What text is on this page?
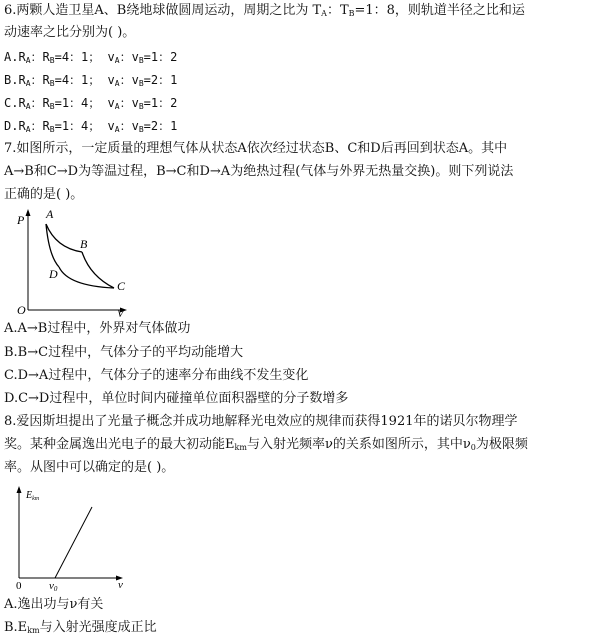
6.两颗人造卫星A、B绕地球做圆周运动，周期之比为 $T_A$：$T_B=1$：8，则轨道半径之比和运
动速率之比分别为( )。
$A.R_A$：$R_B=4$：1； $v_A$：$v_B=1$：2
$B.R_A$：$R_B=4$：1； $v_A$：$v_B=2$：1
$C.R_A$：$R_B=1$：4； $v_A$：$v_B=1$：2
$D.R_A$：$R_B=1$：4； $v_A$：$v_B=2$：1
7.如图所示，一定质量的理想气体从状态A依次经过状态B、C和D后再回到状态A。其中
A→B和C→D为等温过程，B→C和D→A为绝热过程(气体与外界无热量交换)。则下列说法
正确的是( )。
P A
B
D
C
O	V
A.A→B过程中，外界对气体做功
B.B→C过程中，气体分子的平均动能增大
C.D→A过程中，气体分子的速率分布曲线不发生变化
D.C→D过程中，单位时间内碰撞单位面积器壁的分子数增多
8.爱因斯坦提出了光量子概念并成功地解释光电效应的规律而获得1921年的诺贝尔物理学
奖。某种金属逸出光电子的最大初动能$E_{km}$与入射光频率ν的关系如图所示，其中$\nu_0$为极限频
率。从图中可以确定的是( )。
$E_{km}$
0	ν0	ν
A.逸出功与ν有关
$B.E_{km}$与入射光强度成正比
